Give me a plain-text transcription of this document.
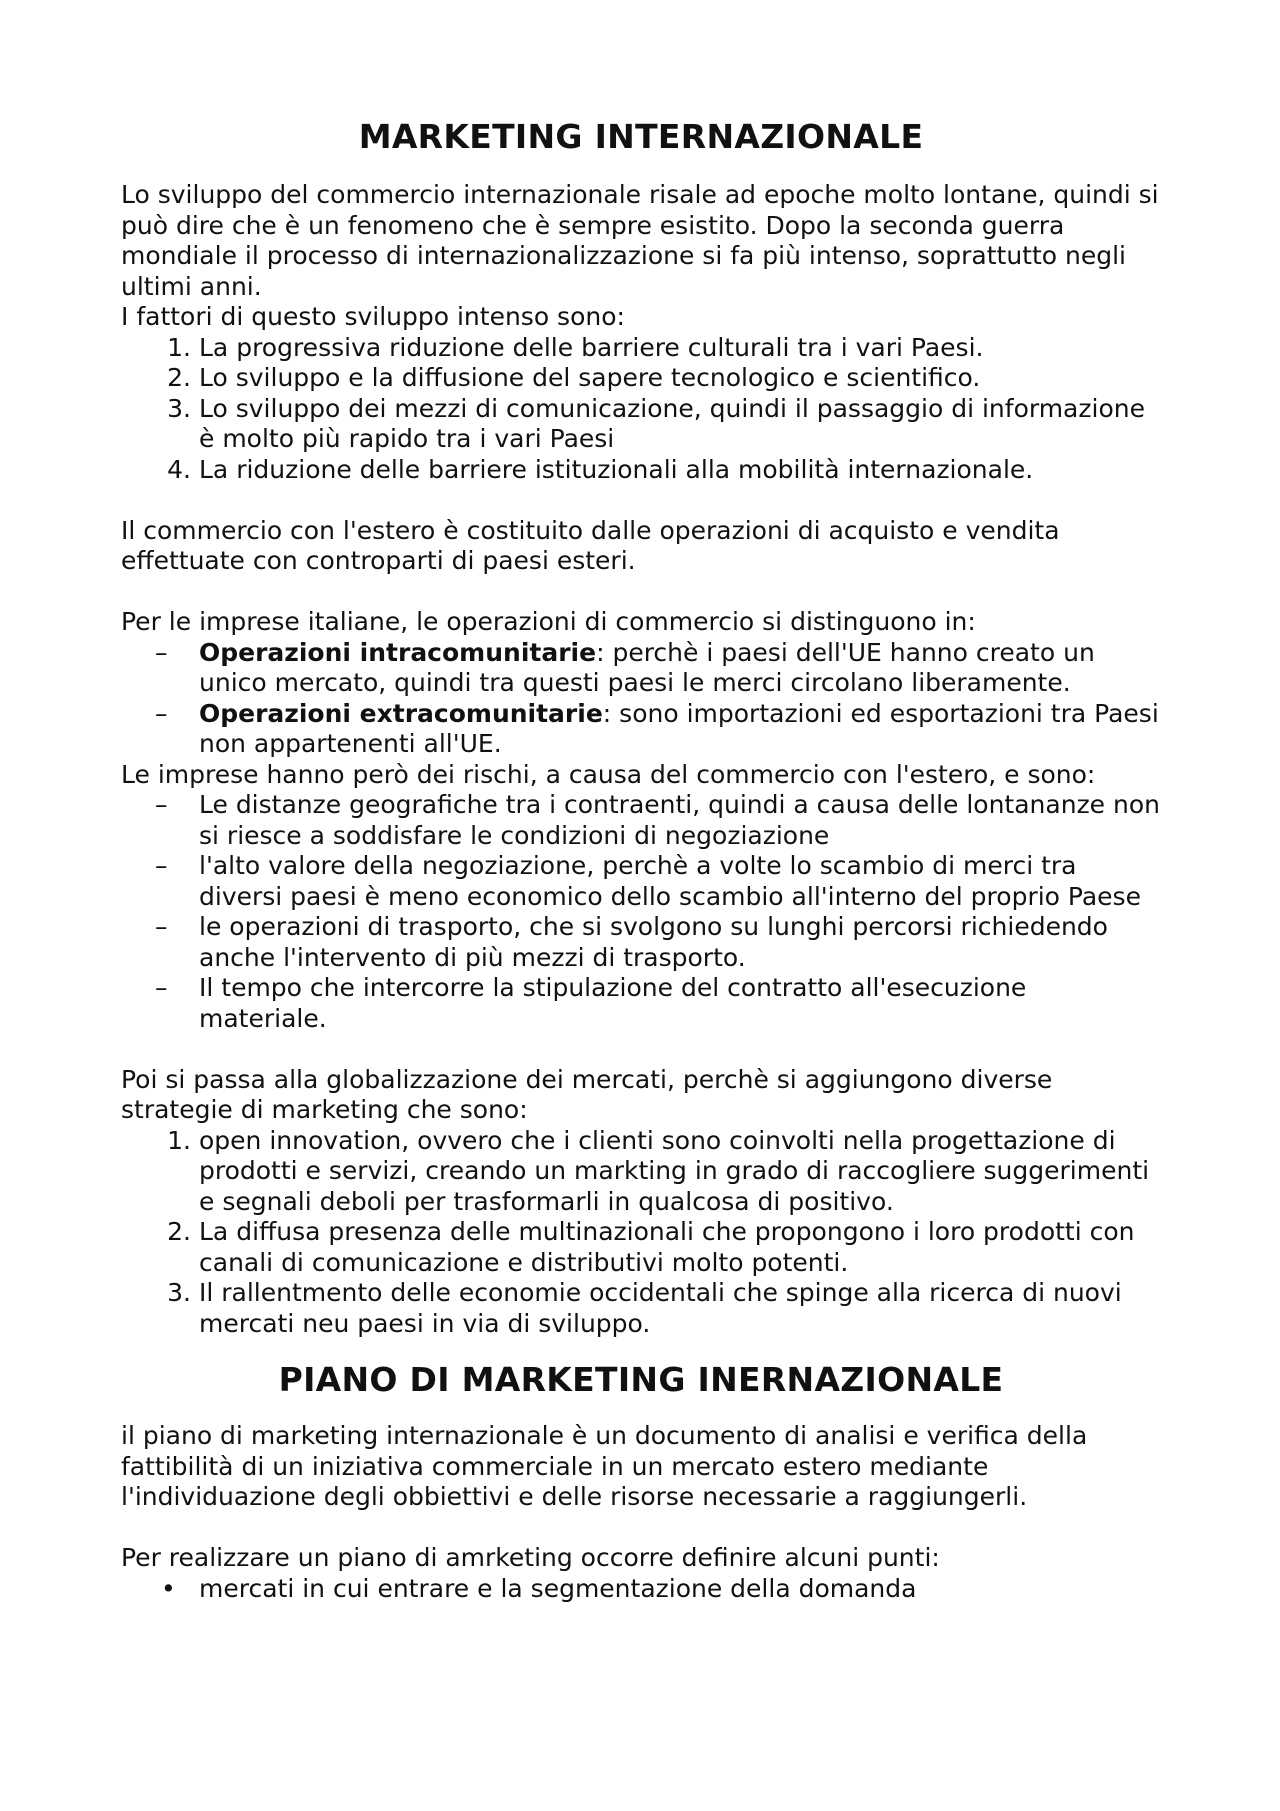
MARKETING INTERNAZIONALE

Lo sviluppo del commercio internazionale risale ad epoche molto lontane, quindi si può dire che è un fenomeno che è sempre esistito. Dopo la seconda guerra mondiale il processo di internazionalizzazione si fa più intenso, soprattutto negli ultimi anni.

I fattori di questo sviluppo intenso sono:

1. La progressiva riduzione delle barriere culturali tra i vari Paesi.
2. Lo sviluppo e la diffusione del sapere tecnologico e scientifico.
3. Lo sviluppo dei mezzi di comunicazione, quindi il passaggio di informazione è molto più rapido tra i vari Paesi
4. La riduzione delle barriere istituzionali alla mobilità internazionale.

Il commercio con l'estero è costituito dalle operazioni di acquisto e vendita effettuate con controparti di paesi esteri.

Per le imprese italiane, le operazioni di commercio si distinguono in:

–	Operazioni intracomunitarie: perchè i paesi dell'UE hanno creato un unico mercato, quindi tra questi paesi le merci circolano liberamente.
–	Operazioni extracomunitarie: sono importazioni ed esportazioni tra Paesi non appartenenti all'UE.

Le imprese hanno però dei rischi, a causa del commercio con l'estero, e sono:

–	Le distanze geografiche tra i contraenti, quindi a causa delle lontananze non si riesce a soddisfare le condizioni di negoziazione
–	l'alto valore della negoziazione, perchè a volte lo scambio di merci tra diversi paesi è meno economico dello scambio all'interno del proprio Paese
–	le operazioni di trasporto, che si svolgono su lunghi percorsi richiedendo anche l'intervento di più mezzi di trasporto.
–	Il tempo che intercorre la stipulazione del contratto all'esecuzione materiale.

Poi si passa alla globalizzazione dei mercati, perchè si aggiungono diverse strategie di marketing che sono:

1. open innovation, ovvero che i clienti sono coinvolti nella progettazione di prodotti e servizi, creando un markting in grado di raccogliere suggerimenti e segnali deboli per trasformarli in qualcosa di positivo.
2. La diffusa presenza delle multinazionali che propongono i loro prodotti con canali di comunicazione e distributivi molto potenti.
3. Il rallentmento delle economie occidentali che spinge alla ricerca di nuovi mercati neu paesi in via di sviluppo.
PIANO DI MARKETING INERNAZIONALE

il piano di marketing internazionale è un documento di analisi e verifica della fattibilità di un iniziativa commerciale in un mercato estero mediante l'individuazione degli obbiettivi e delle risorse necessarie a raggiungerli.

Per realizzare un piano di amrketing occorre definire alcuni punti:

• mercati in cui entrare e la segmentazione della domanda
